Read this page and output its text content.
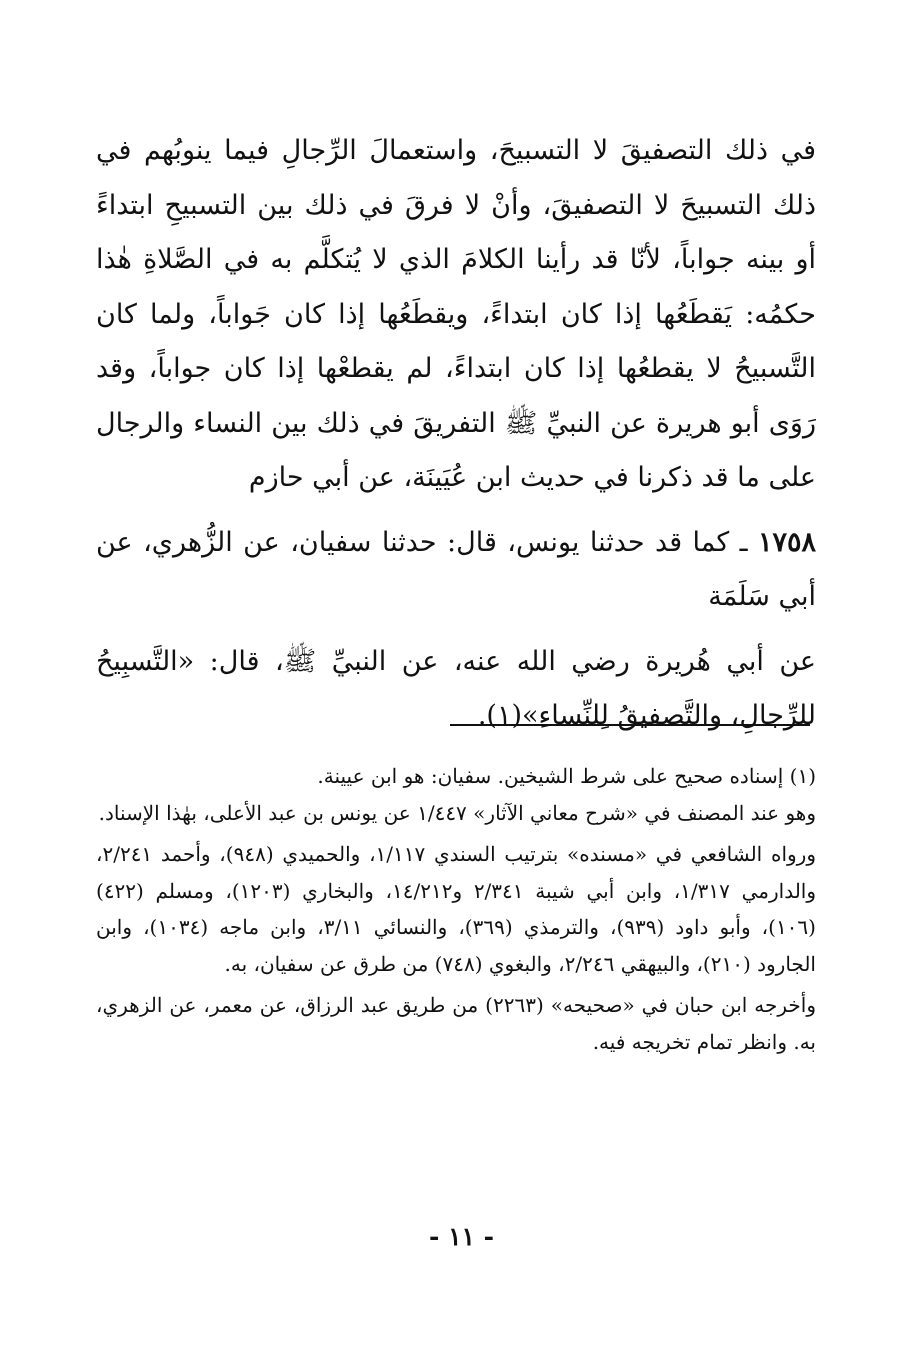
في ذلك التصفيقَ لا التسبيحَ، واستعمالَ الرِّجالِ فيما ينوبُهم في ذلك التسبيحَ لا التصفيقَ، وأنْ لا فرقَ في ذلك بين التسبيحِ ابتداءً أو بينه جواباً، لأنّا قد رأينا الكلامَ الذي لا يُتكلَّم به في الصَّلاةِ هٰذا حكمُه: يَقطَعُها إذا كان ابتداءً، ويقطَعُها إذا كان جَواباً، ولما كان التَّسبيحُ لا يقطعُها إذا كان ابتداءً، لم يقطعْها إذا كان جواباً، وقد رَوَى أبو هريرة عن النبيِّ ﷺ التفريقَ في ذلك بين النساء والرجال على ما قد ذكرنا في حديث ابن عُيَينَة، عن أبي حازم

١٧٥٨ ـ كما قد حدثنا يونس، قال: حدثنا سفيان، عن الزُّهري، عن أبي سَلَمَة

عن أبي هُريرة رضي الله عنه، عن النبيِّ ﷺ، قال: «التَّسبِيحُ للرِّجالِ، والتَّصفيقُ لِلنِّساءِ»(١).

(١) إسناده صحيح على شرط الشيخين. سفيان: هو ابن عيينة.

وهو عند المصنف في «شرح معاني الآثار» ١/٤٤٧ عن يونس بن عبد الأعلى، بهٰذا الإسناد.

ورواه الشافعي في «مسنده» بترتيب السندي ١/١١٧، والحميدي (٩٤٨)، وأحمد ٢/٢٤١، والدارمي ١/٣١٧، وابن أبي شيبة ٢/٣٤١ و١٤/٢١٢، والبخاري (١٢٠٣)، ومسلم (٤٢٢) (١٠٦)، وأبو داود (٩٣٩)، والترمذي (٣٦٩)، والنسائي ٣/١١، وابن ماجه (١٠٣٤)، وابن الجارود (٢١٠)، والبيهقي ٢/٢٤٦، والبغوي (٧٤٨) من طرق عن سفيان، به.

وأخرجه ابن حبان في «صحيحه» (٢٢٦٣) من طريق عبد الرزاق، عن معمر، عن الزهري، به. وانظر تمام تخريجه فيه.

- ١١ -
